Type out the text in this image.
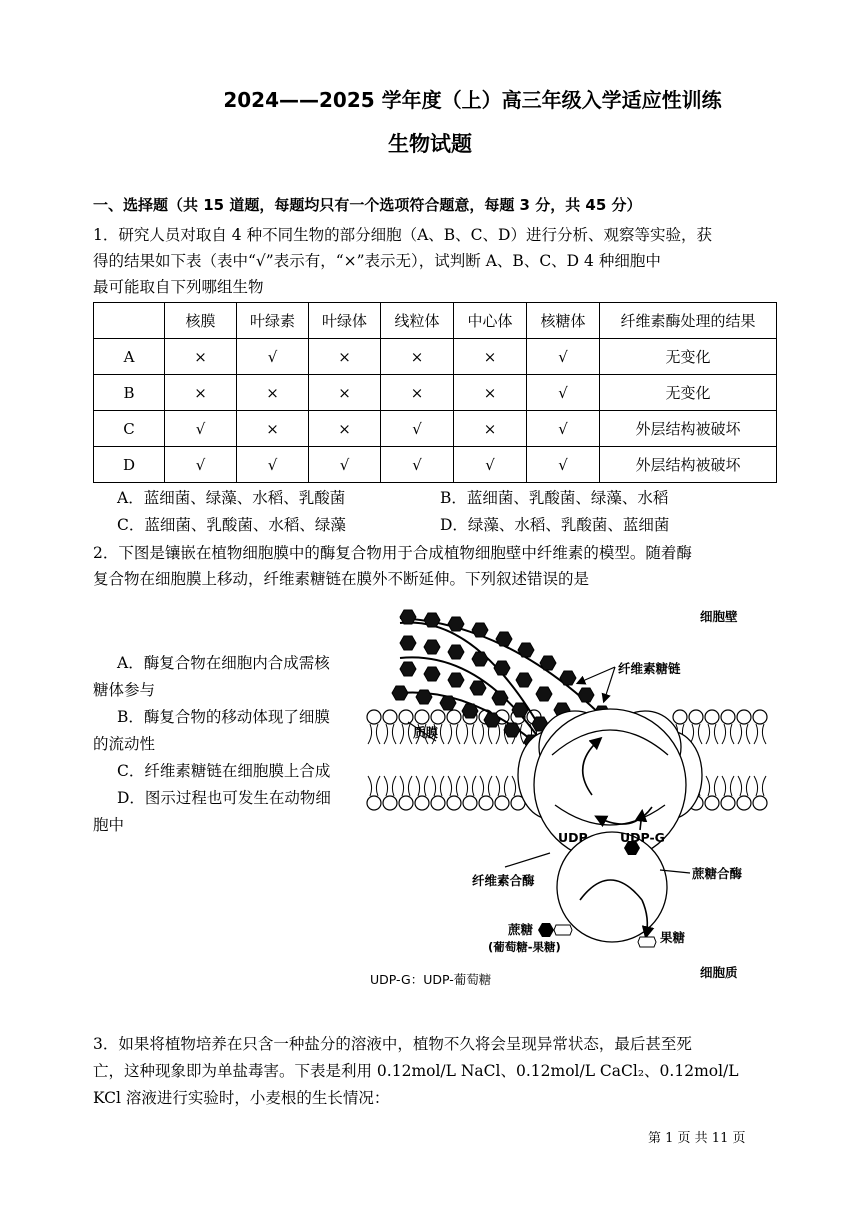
2024——2025 学年度（上）高三年级入学适应性训练
生物试题
一、选择题（共 15 道题，每题均只有一个选项符合题意，每题 3 分，共 45 分）
1．研究人员对取自 4 种不同生物的部分细胞（A、B、C、D）进行分析、观察等实验，获
得的结果如下表（表中“√”表示有，“×”表示无），试判断 A、B、C、D 4 种细胞中
最可能取自下列哪组生物
	核膜	叶绿素	叶绿体	线粒体	中心体	核糖体	纤维素酶处理的结果
A	×	√	×	×	×	√	无变化
B	×	×	×	×	×	√	无变化
C	√	×	×	√	×	√	外层结构被破坏
D	√	√	√	√	√	√	外层结构被破坏
A．蓝细菌、绿藻、水稻、乳酸菌	B．蓝细菌、乳酸菌、绿藻、水稻
C．蓝细菌、乳酸菌、水稻、绿藻	D．绿藻、水稻、乳酸菌、蓝细菌
2．下图是镶嵌在植物细胞膜中的酶复合物用于合成植物细胞壁中纤维素的模型。随着酶
复合物在细胞膜上移动，纤维素糖链在膜外不断延伸。下列叙述错误的是
A．酶复合物在细胞内合成需核
糖体参与
B．酶复合物的移动体现了细膜
的流动性
C．纤维素糖链在细胞膜上合成
D．图示过程也可发生在动物细
胞中
细胞壁
纤维素糖链
质膜
UDP	UDP-G
纤维素合酶	蔗糖合酶
蔗糖
(葡萄糖-果糖)
果糖
UDP-G：UDP-葡萄糖	细胞质
3．如果将植物培养在只含一种盐分的溶液中，植物不久将会呈现异常状态，最后甚至死
亡，这种现象即为单盐毒害。下表是利用 0.12mol/L NaCl、0.12mol/L CaCl₂、0.12mol/L
KCl 溶液进行实验时，小麦根的生长情况：
第 1 页 共 11 页
